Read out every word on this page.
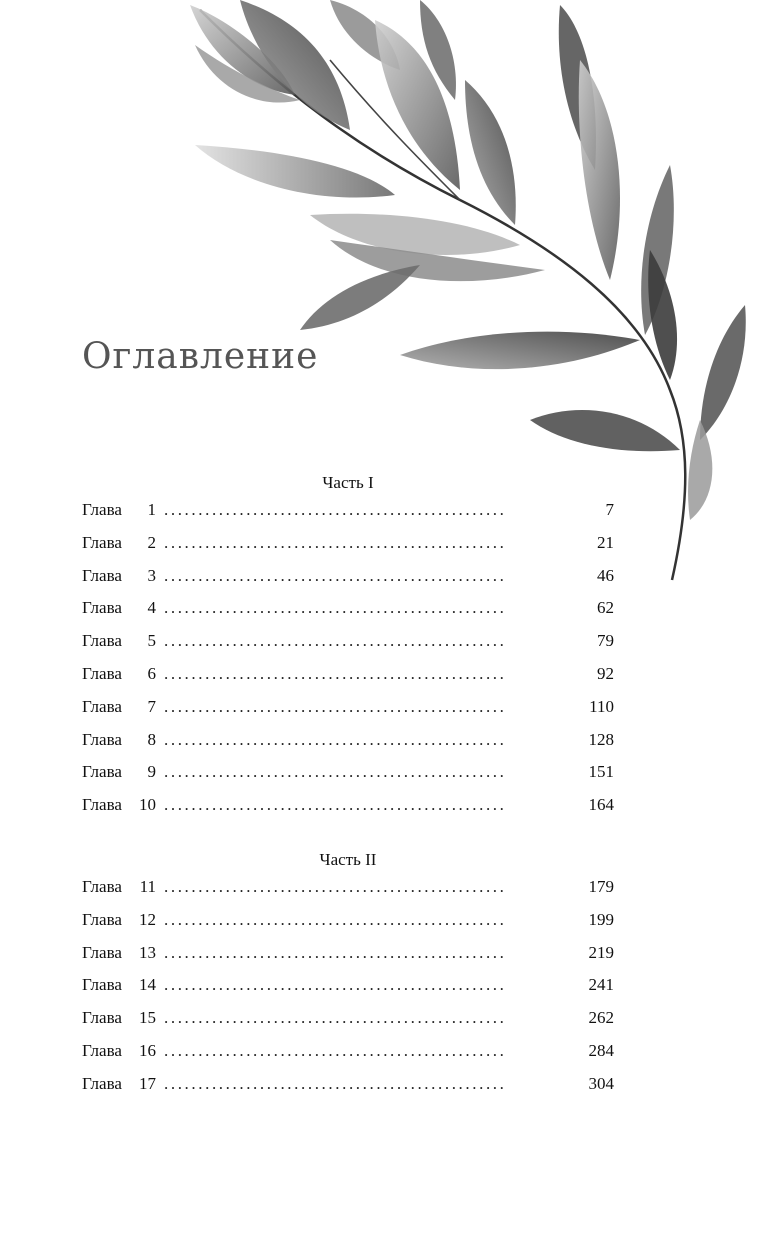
Оглавление
Часть I
Глава	1 ..................................................	7
Глава	2 ..................................................	21
Глава	3 ..................................................	46
Глава	4 ..................................................	62
Глава	5 ..................................................	79
Глава	6 ..................................................	92
Глава	7 ..................................................	110
Глава	8 ..................................................	128
Глава	9 ..................................................	151
Глава	10 ..................................................	164
Часть II
Глава	11 ..................................................	179
Глава	12 ..................................................	199
Глава	13 ..................................................	219
Глава	14 ..................................................	241
Глава	15 ..................................................	262
Глава	16 ..................................................	284
Глава	17 ..................................................	304
